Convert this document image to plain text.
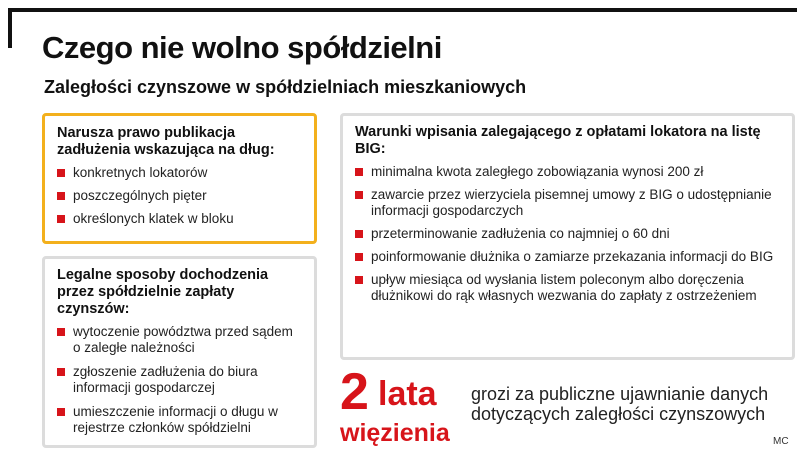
Czego nie wolno spółdzielni
Zaległości czynszowe w spółdzielniach mieszkaniowych
Narusza prawo publikacja zadłużenia wskazująca na dług:
konkretnych lokatorów
poszczególnych pięter
określonych klatek w bloku
Legalne sposoby dochodzenia przez spółdzielnie zapłaty czynszów:
wytoczenie powództwa przed sądem o zaległe należności
zgłoszenie zadłużenia do biura informacji gospodarczej
umieszczenie informacji o długu w rejestrze członków spółdzielni
Warunki wpisania zalegającego z opłatami lokatora na listę BIG:
minimalna kwota zaległego zobowiązania wynosi 200 zł
zawarcie przez wierzyciela pisemnej umowy z BIG o udostępnianie informacji gospodarczych
przeterminowanie zadłużenia co najmniej o 60 dni
poinformowanie dłużnika o zamiarze przekazania informacji do BIG
upływ miesiąca od wysłania listem poleconym albo doręczenia dłużnikowi do rąk własnych wezwania do zapłaty z ostrzeżeniem
2 lata
więzienia
grozi za publiczne ujawnianie danych dotyczących zaległości czynszowych
MC
